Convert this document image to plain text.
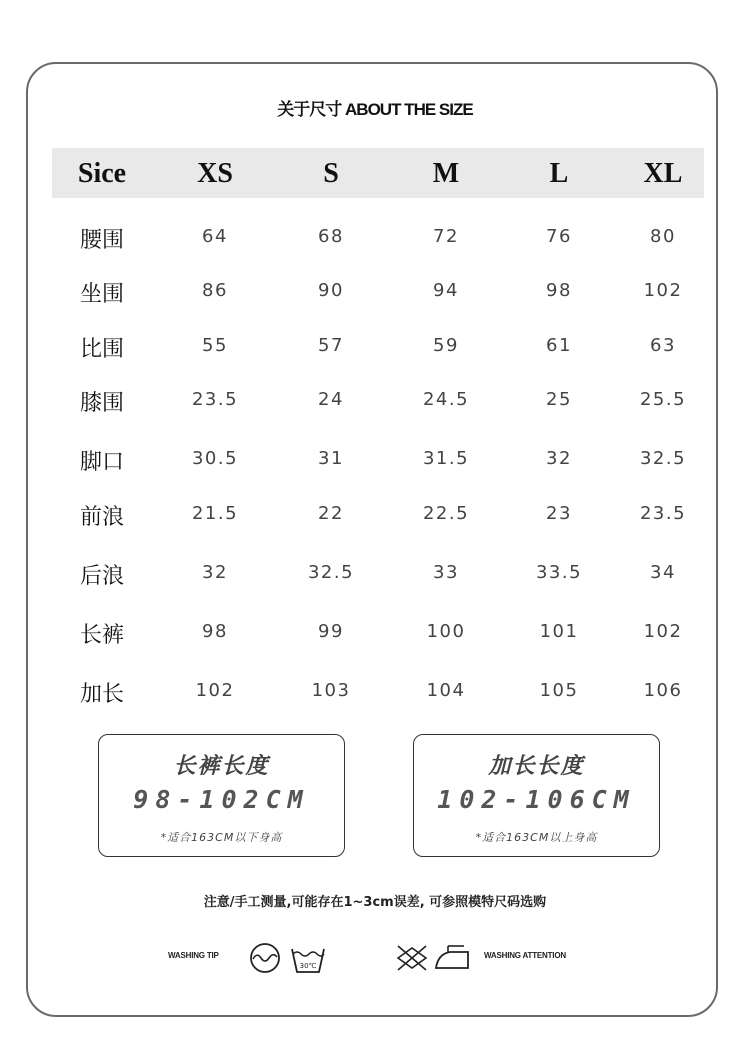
关于尺寸 ABOUT THE SIZE
Sice	XS	S	M	L	XL
腰围	64	68	72	76	80
坐围	86	90	94	98	102
比围	55	57	59	61	63
膝围	23.5	24	24.5	25	25.5
脚口	30.5	31	31.5	32	32.5
前浪	21.5	22	22.5	23	23.5
后浪	32	32.5	33	33.5	34
长裤	98	99	100	101	102
加长	102	103	104	105	106
长裤长度
98-102CM
*适合163CM以下身高
加长长度
102-106CM
*适合163CM以上身高
注意/手工测量,可能存在1~3cm误差, 可参照模特尺码选购
WASHING TIP
30℃
WASHING ATTENTION
